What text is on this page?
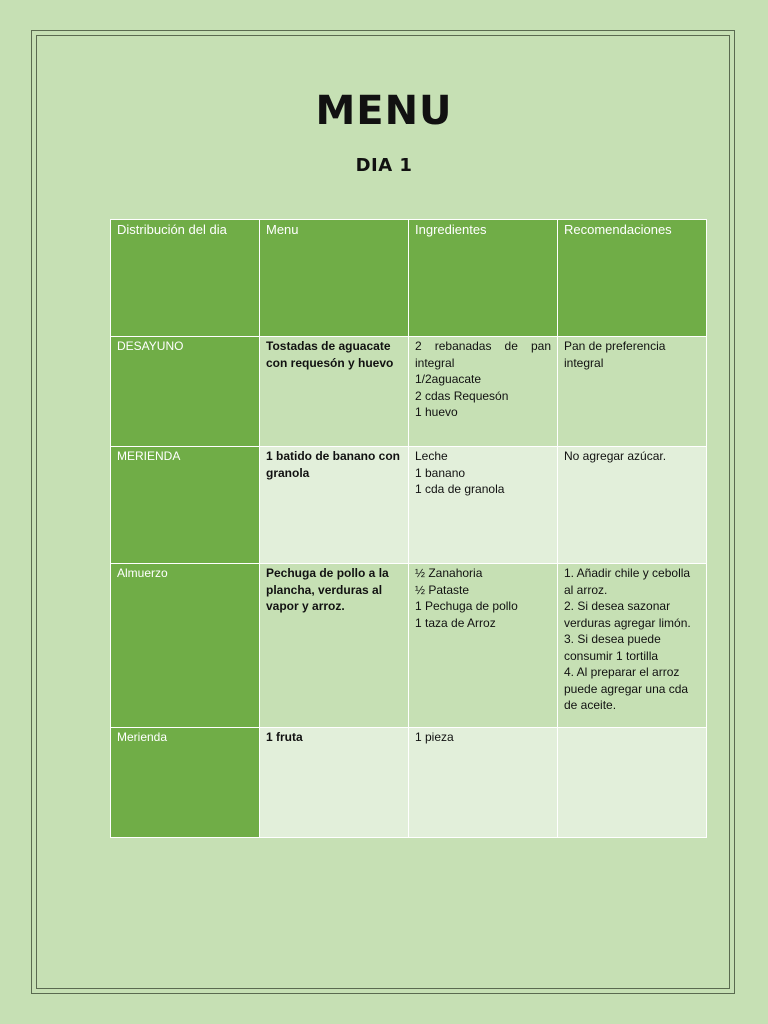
MENU
DIA 1
Distribución del dia	Menu	Ingredientes	Recomendaciones
DESAYUNO	Tostadas de aguacate con requesón y huevo	2 rebanadas de pan integral
1/2aguacate
2 cdas Requesón
1 huevo	Pan de preferencia integral

MERIENDA	1 batido de banano con granola	Leche
1 banano
1 cda de granola	No agregar azúcar.

Almuerzo	Pechuga de pollo a la plancha, verduras al vapor y arroz.	½ Zanahoria
½ Pataste
1 Pechuga de pollo
1 taza de Arroz	1. Añadir chile y cebolla al arroz.
2. Si desea sazonar verduras agregar limón.
3. Si desea puede consumir 1 tortilla
4. Al preparar el arroz puede agregar una cda de aceite.

Merienda	1 fruta	1 pieza	
